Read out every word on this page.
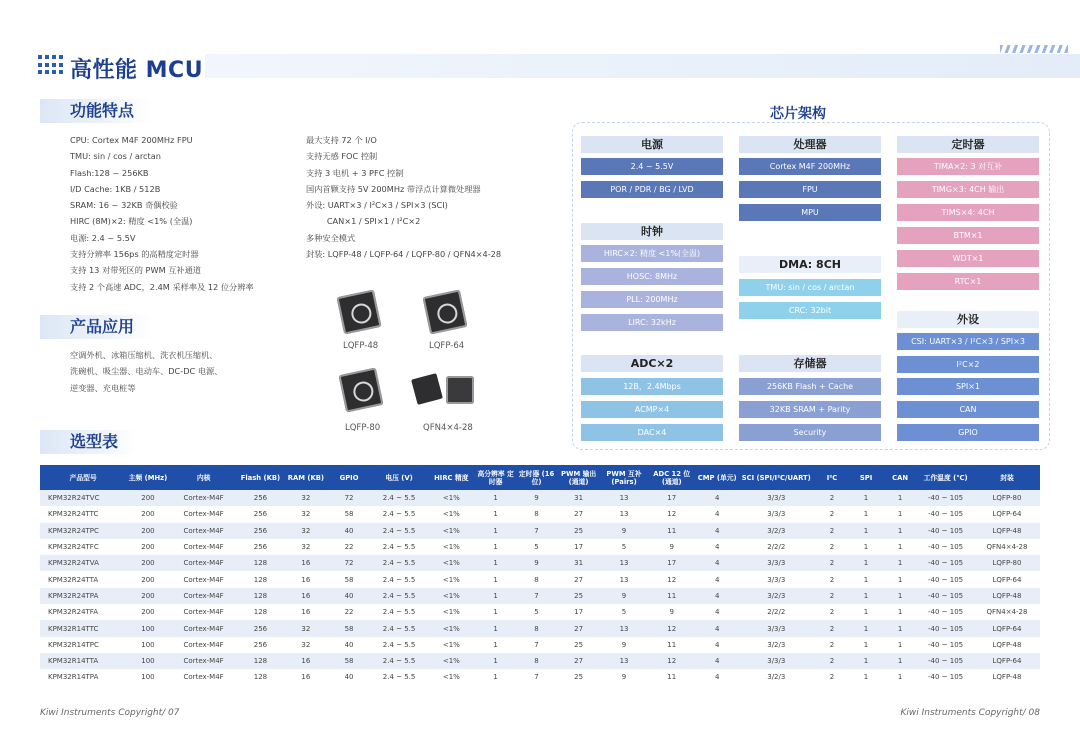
高性能 MCU
功能特点
CPU: Cortex M4F 200MHz FPU
TMU: sin / cos / arctan
Flash:128 ~ 256KB
I/D Cache: 1KB / 512B
SRAM: 16 ~ 32KB 奇偶校验
HIRC (8M)×2: 精度 <1% (全温)
电源: 2.4 ~ 5.5V
支持分辨率 156ps 的高精度定时器
支持 13 对带死区的 PWM 互补通道
支持 2 个高速 ADC，2.4M 采样率及 12 位分辨率
最大支持 72 个 I/O
支持无感 FOC 控制
支持 3 电机 + 3 PFC 控制
国内首颗支持 5V 200MHz 带浮点计算微处理器
外设: UART×3 / I²C×3 / SPI×3 (SCI)
CAN×1 / SPI×1 / I²C×2
多种安全模式
封装: LQFP-48 / LQFP-64 / LQFP-80 / QFN4×4-28
产品应用
空调外机、冰箱压缩机、洗衣机压缩机、
洗碗机、吸尘器、电动车、DC-DC 电源、
逆变器、充电桩等
LQFP-48	LQFP-64
LQFP-80	QFN4×4-28
芯片架构
电源
2.4 ~ 5.5V
POR / PDR / BG / LVD
时钟
HIRC×2: 精度 <1%(全温)
HOSC: 8MHz
PLL: 200MHz
LIRC: 32kHz
ADC×2
12B，2.4Mbps
ACMP×4
DAC×4
处理器
Cortex M4F 200MHz
FPU
MPU
DMA: 8CH
TMU: sin / cos / arctan
CRC: 32bit
存储器
256KB Flash + Cache
32KB SRAM + Parity
Security
定时器
TIMA×2: 3 对互补
TIMG×3: 4CH 输出
TIMS×4: 4CH
BTM×1
WDT×1
RTC×1
外设
CSI: UART×3 / I²C×3 / SPI×3
I²C×2
SPI×1
CAN
GPIO
选型表
产品型号	主频 (MHz)	内核	Flash (KB)	RAM (KB)	GPIO	电压 (V)	HIRC 精度	高分辨率 定时器	定时器 (16 位)	PWM 输出 (通道)	PWM 互补 (Pairs)	ADC 12 位 (通道)	CMP (单元)	SCI (SPI/I²C/UART)	I²C	SPI	CAN	工作温度 (℃)	封装
KPM32R24TVC	200	Cortex-M4F	256	32	72	2.4 ~ 5.5	<1%	1	9	31	13	17	4	3/3/3	2	1	1	-40 ~ 105	LQFP-80
KPM32R24TTC	200	Cortex-M4F	256	32	58	2.4 ~ 5.5	<1%	1	8	27	13	12	4	3/3/3	2	1	1	-40 ~ 105	LQFP-64
KPM32R24TPC	200	Cortex-M4F	256	32	40	2.4 ~ 5.5	<1%	1	7	25	9	11	4	3/2/3	2	1	1	-40 ~ 105	LQFP-48
KPM32R24TFC	200	Cortex-M4F	256	32	22	2.4 ~ 5.5	<1%	1	5	17	5	9	4	2/2/2	2	1	1	-40 ~ 105	QFN4×4-28
KPM32R24TVA	200	Cortex-M4F	128	16	72	2.4 ~ 5.5	<1%	1	9	31	13	17	4	3/3/3	2	1	1	-40 ~ 105	LQFP-80
KPM32R24TTA	200	Cortex-M4F	128	16	58	2.4 ~ 5.5	<1%	1	8	27	13	12	4	3/3/3	2	1	1	-40 ~ 105	LQFP-64
KPM32R24TPA	200	Cortex-M4F	128	16	40	2.4 ~ 5.5	<1%	1	7	25	9	11	4	3/2/3	2	1	1	-40 ~ 105	LQFP-48
KPM32R24TFA	200	Cortex-M4F	128	16	22	2.4 ~ 5.5	<1%	1	5	17	5	9	4	2/2/2	2	1	1	-40 ~ 105	QFN4×4-28
KPM32R14TTC	100	Cortex-M4F	256	32	58	2.4 ~ 5.5	<1%	1	8	27	13	12	4	3/3/3	2	1	1	-40 ~ 105	LQFP-64
KPM32R14TPC	100	Cortex-M4F	256	32	40	2.4 ~ 5.5	<1%	1	7	25	9	11	4	3/2/3	2	1	1	-40 ~ 105	LQFP-48
KPM32R14TTA	100	Cortex-M4F	128	16	58	2.4 ~ 5.5	<1%	1	8	27	13	12	4	3/3/3	2	1	1	-40 ~ 105	LQFP-64
KPM32R14TPA	100	Cortex-M4F	128	16	40	2.4 ~ 5.5	<1%	1	7	25	9	11	4	3/2/3	2	1	1	-40 ~ 105	LQFP-48
Kiwi Instruments Copyright/ 07	Kiwi Instruments Copyright/ 08
